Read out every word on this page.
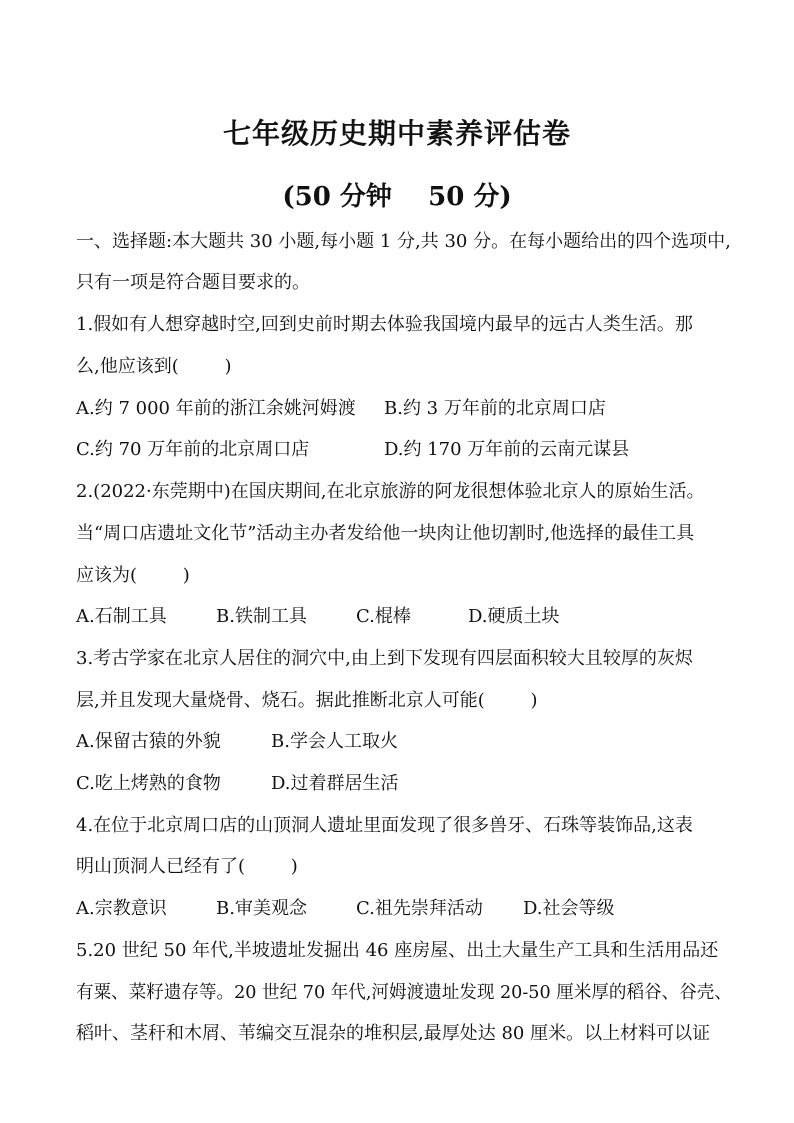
七年级历史期中素养评估卷
(50 分钟    50 分)
一、选择题:本大题共 30 小题,每小题 1 分,共 30 分。在每小题给出的四个选项中,
只有一项是符合题目要求的。
1.假如有人想穿越时空,回到史前时期去体验我国境内最早的远古人类生活。那
么,他应该到(        )
A.约 7 000 年前的浙江余姚河姆渡 B.约 3 万年前的北京周口店
C.约 70 万年前的北京周口店	D.约 170 万年前的云南元谋县
2.(2022·东莞期中)在国庆期间,在北京旅游的阿龙很想体验北京人的原始生活。
当“周口店遗址文化节”活动主办者发给他一块肉让他切割时,他选择的最佳工具
应该为(        )
A.石制工具	B.铁制工具	C.棍棒	D.硬质土块
3.考古学家在北京人居住的洞穴中,由上到下发现有四层面积较大且较厚的灰烬
层,并且发现大量烧骨、烧石。据此推断北京人可能(        )
A.保留古猿的外貌	B.学会人工取火
C.吃上烤熟的食物	D.过着群居生活
4.在位于北京周口店的山顶洞人遗址里面发现了很多兽牙、石珠等装饰品,这表
明山顶洞人已经有了(        )
A.宗教意识	B.审美观念	C.祖先崇拜活动 D.社会等级
5.20 世纪 50 年代,半坡遗址发掘出 46 座房屋、出土大量生产工具和生活用品还
有粟、菜籽遗存等。20 世纪 70 年代,河姆渡遗址发现 20-50 厘米厚的稻谷、谷壳、
稻叶、茎秆和木屑、苇编交互混杂的堆积层,最厚处达 80 厘米。以上材料可以证
